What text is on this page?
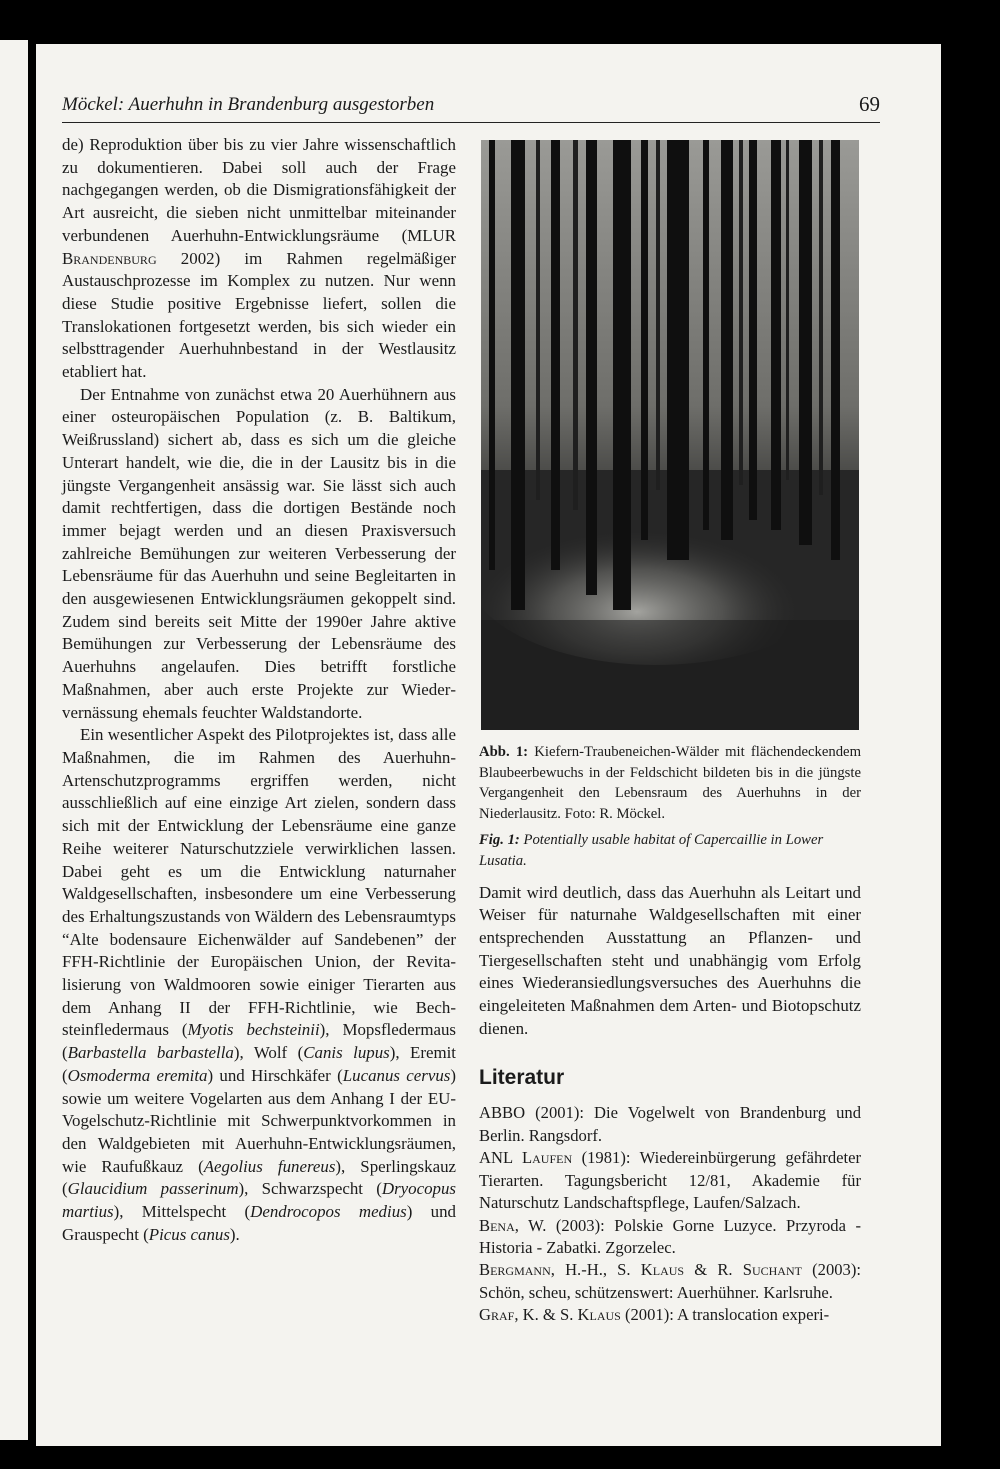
Möckel: Auerhuhn in Brandenburg ausgestorben	69

de) Reproduktion über bis zu vier Jahre wissenschaftlich zu dokumentieren. Dabei soll auch der Frage nachgegangen werden, ob die Dismigrationsfähigkeit der Art ausreicht, die sieben nicht unmittelbar miteinander verbundenen Auerhuhn-Entwicklungsräume (MLUR Brandenburg 2002) im Rahmen regelmäßiger Austauschprozesse im Komplex zu nutzen. Nur wenn diese Studie positive Ergebnisse liefert, sollen die Translokationen fortgesetzt werden, bis sich wieder ein selbsttragender Auerhuhnbestand in der Westlausitz etabliert hat.

Der Entnahme von zunächst etwa 20 Auerhühnern aus einer osteuropäischen Population (z. B. Baltikum, Weißrussland) sichert ab, dass es sich um die gleiche Unterart handelt, wie die, die in der Lausitz bis in die jüngste Vergangenheit ansässig war. Sie lässt sich auch damit rechtfertigen, dass die dortigen Bestände noch immer bejagt werden und an diesen Praxisversuch zahlreiche Bemühungen zur weiteren Verbesserung der Lebensräume für das Auerhuhn und seine Begleitarten in den ausgewiesenen Entwicklungsräumen gekoppelt sind. Zudem sind bereits seit Mitte der 1990er Jahre aktive Bemühungen zur Verbesserung der Lebensräume des Auerhuhns angelaufen. Dies betrifft forstliche Maßnahmen, aber auch erste Projekte zur Wiedervernässung ehemals feuchter Waldstandorte.

Ein wesentlicher Aspekt des Pilotprojektes ist, dass alle Maßnahmen, die im Rahmen des Auerhuhn-Artenschutzprogramms ergriffen werden, nicht ausschließlich auf eine einzige Art zielen, sondern dass sich mit der Entwicklung der Lebensräume eine ganze Reihe weiterer Naturschutzziele verwirklichen lassen. Dabei geht es um die Entwicklung naturnaher Waldgesellschaften, insbesondere um eine Verbesserung des Erhaltungszustands von Wäldern des Lebensraumtyps “Alte bodensaure Eichenwälder auf Sandebenen” der FFH-Richtlinie der Europäischen Union, der Revitalisierung von Waldmooren sowie einiger Tierarten aus dem Anhang II der FFH-Richtlinie, wie Bechsteinfledermaus (Myotis bechsteinii), Mopsfledermaus (Barbastella barbastella), Wolf (Canis lupus), Eremit (Osmoderma eremita) und Hirschkäfer (Lucanus cervus) sowie um weitere Vogelarten aus dem Anhang I der EU-Vogelschutz-Richtlinie mit Schwerpunktvorkommen in den Waldgebieten mit Auerhuhn-Entwicklungsräumen, wie Raufußkauz (Aegolius funereus), Sperlingskauz (Glaucidium passerinum), Schwarzspecht (Dryocopus martius), Mittelspecht (Dendrocopos medius) und Grauspecht (Picus canus).

Abb. 1: Kiefern-Traubeneichen-Wälder mit flächendeckendem Blaubeerbewuchs in der Feldschicht bildeten bis in die jüngste Vergangenheit den Lebensraum des Auerhuhns in der Niederlausitz. Foto: R. Möckel.
Fig. 1: Potentially usable habitat of Capercaillie in Lower Lusatia.
Damit wird deutlich, dass das Auerhuhn als Leitart und Weiser für naturnahe Waldgesellschaften mit einer entsprechenden Ausstattung an Pflanzen- und Tiergesellschaften steht und unabhängig vom Erfolg eines Wiederansiedlungsversuches des Auerhuhns die eingeleiteten Maßnahmen dem Arten- und Biotopschutz dienen.
Literatur
ABBO (2001): Die Vogelwelt von Brandenburg und Berlin. Rangsdorf.
ANL Laufen (1981): Wiedereinbürgerung gefährdeter Tierarten. Tagungsbericht 12/81, Akademie für Naturschutz Landschaftspflege, Laufen/Salzach.
Bena, W. (2003): Polskie Gorne Luzyce. Przyroda - Historia - Zabatki. Zgorzelec.
Bergmann, H.-H., S. Klaus & R. Suchant (2003): Schön, scheu, schützenswert: Auerhühner. Karlsruhe.
Graf, K. & S. Klaus (2001): A translocation experi-
